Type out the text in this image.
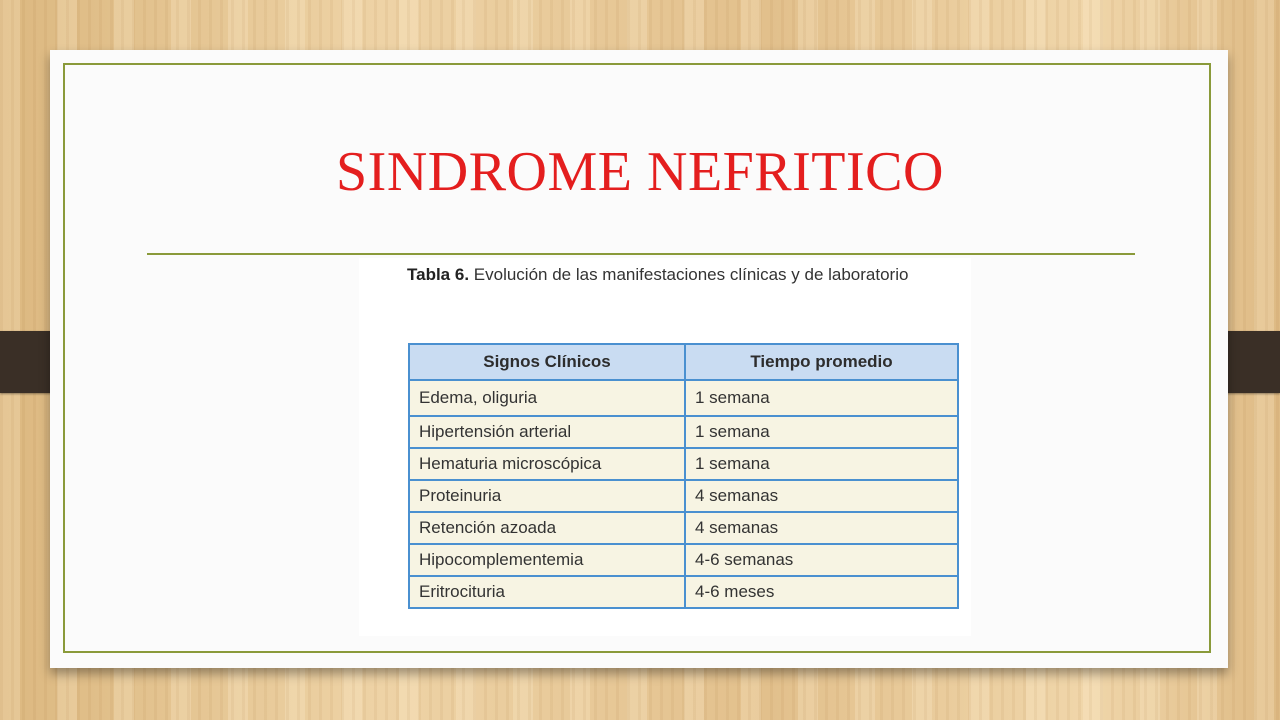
SINDROME NEFRITICO
Tabla 6. Evolución de las manifestaciones clínicas y de laboratorio
Signos Clínicos	Tiempo promedio
Edema, oliguria	1 semana
Hipertensión arterial	1 semana
Hematuria microscópica	1 semana
Proteinuria	4 semanas
Retención azoada	4 semanas
Hipocomplementemia	4-6 semanas
Eritrocituria	4-6 meses
